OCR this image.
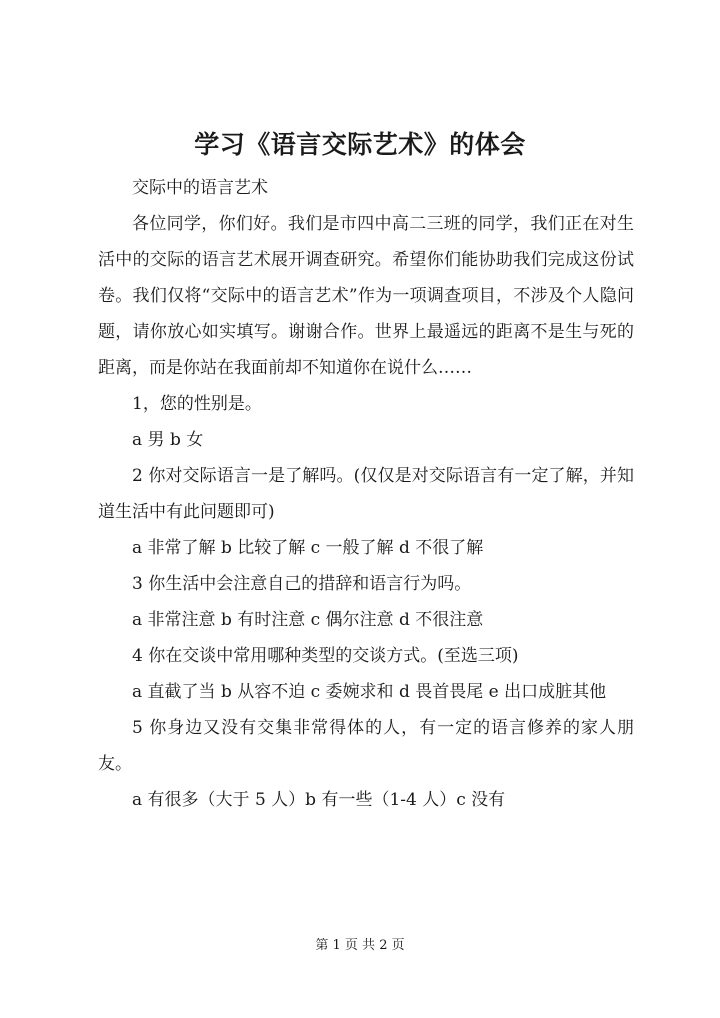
学习《语言交际艺术》的体会

交际中的语言艺术

各位同学，你们好。我们是市四中高二三班的同学，我们正在对生活中的交际的语言艺术展开调查研究。希望你们能协助我们完成这份试卷。我们仅将“交际中的语言艺术”作为一项调查项目，不涉及个人隐问题，请你放心如实填写。谢谢合作。世界上最遥远的距离不是生与死的距离，而是你站在我面前却不知道你在说什么……

1，您的性别是。

a 男 b 女

2 你对交际语言一是了解吗。(仅仅是对交际语言有一定了解，并知道生活中有此问题即可)

a 非常了解 b 比较了解 c 一般了解 d 不很了解

3 你生活中会注意自己的措辞和语言行为吗。

a 非常注意 b 有时注意 c 偶尔注意 d 不很注意

4 你在交谈中常用哪种类型的交谈方式。(至选三项)

a 直截了当 b 从容不迫 c 委婉求和 d 畏首畏尾 e 出口成脏其他

5 你身边又没有交集非常得体的人，有一定的语言修养的家人朋友。

a 有很多（大于 5 人）b 有一些（1-4 人）c 没有

第 1 页 共 2 页
